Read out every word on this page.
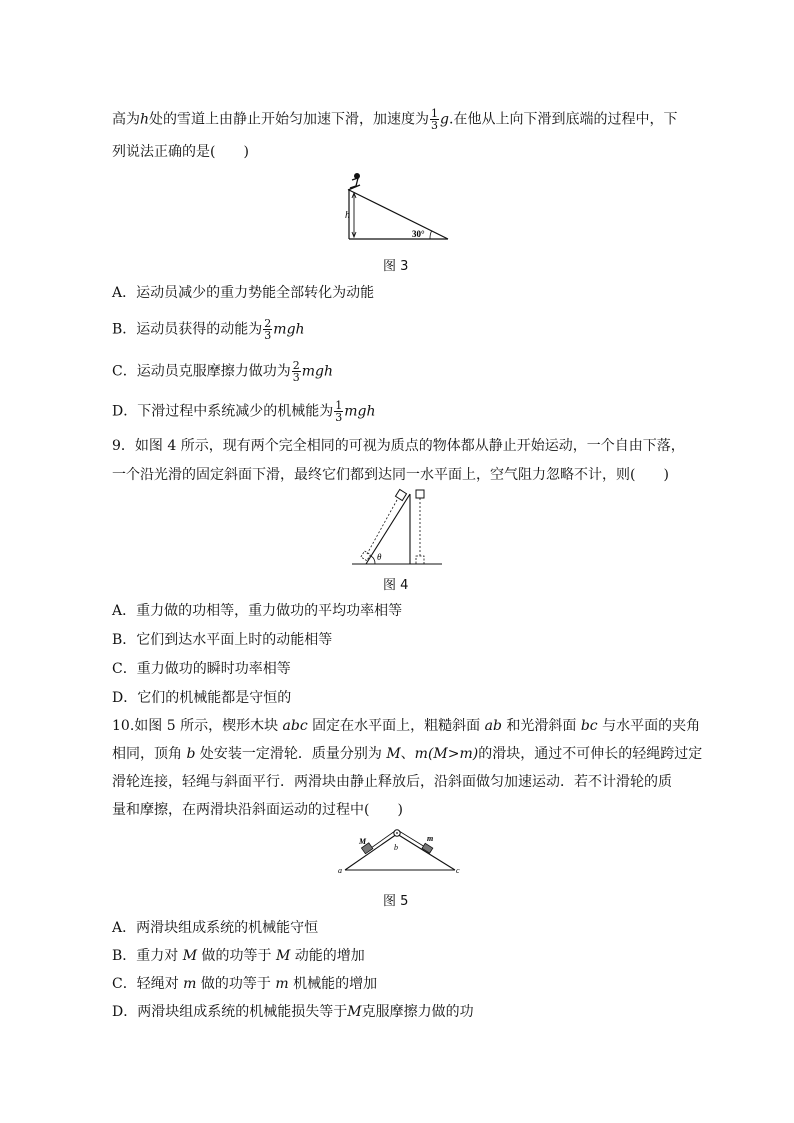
高为h处的雪道上由静止开始匀加速下滑，加速度为 $\frac{1}{3} g$.在他从上向下滑到底端的过程中，下
列说法正确的是(　　)
h
30°
图 3
A．运动员减少的重力势能全部转化为动能
B．运动员获得的动能为 $\frac{2}{3}$ mgh
C．运动员克服摩擦力做功为 $\frac{2}{3}$ mgh
D．下滑过程中系统减少的机械能为 $\frac{1}{3}$ mgh
9．如图 4 所示，现有两个完全相同的可视为质点的物体都从静止开始运动，一个自由下落，
一个沿光滑的固定斜面下滑，最终它们都到达同一水平面上，空气阻力忽略不计，则(　　)
θ
图 4
A．重力做的功相等，重力做功的平均功率相等
B．它们到达水平面上时的动能相等
C．重力做功的瞬时功率相等
D．它们的机械能都是守恒的
10.如图 5 所示，楔形木块 abc 固定在水平面上，粗糙斜面 ab 和光滑斜面 bc 与水平面的夹角
相同，顶角 b 处安装一定滑轮．质量分别为 M、m(M>m)的滑块，通过不可伸长的轻绳跨过定
滑轮连接，轻绳与斜面平行．两滑块由静止释放后，沿斜面做匀加速运动．若不计滑轮的质
量和摩擦，在两滑块沿斜面运动的过程中(　　)
M	m
a
b
c
图 5
A．两滑块组成系统的机械能守恒
B．重力对 M 做的功等于 M 动能的增加
C．轻绳对 m 做的功等于 m 机械能的增加
D．两滑块组成系统的机械能损失等于M克服摩擦力做的功
